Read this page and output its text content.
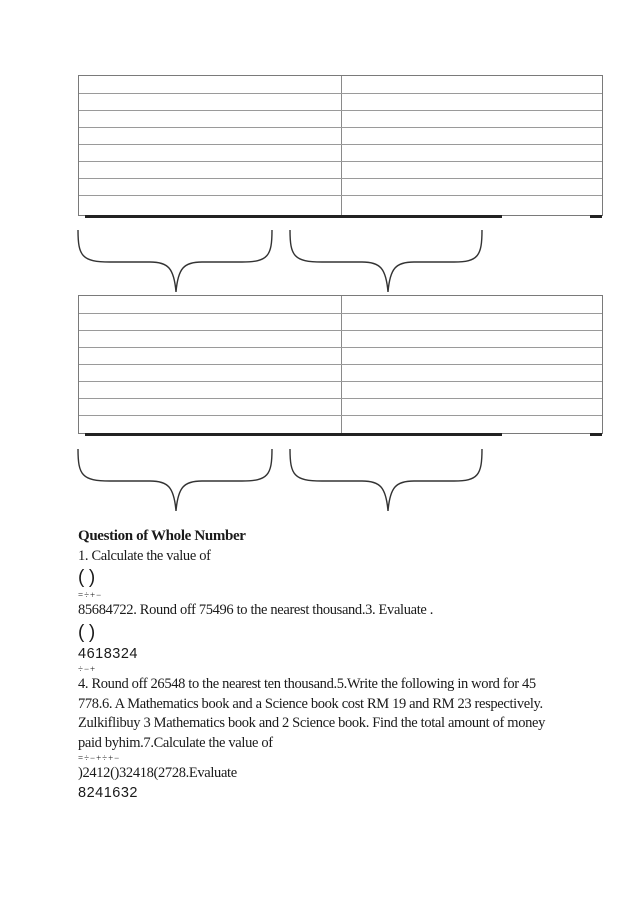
Question of Whole Number

1. Calculate the value of

( )

=÷+−

85684722. Round off 75496 to the nearest thousand.3. Evaluate .

( )

4618324

÷−+

4. Round off 26548 to the nearest ten thousand.5.Write the following in word for 45 778.6. A Mathematics book and a Science book cost RM 19 and RM 23 respectively. Zulkiflibuy 3 Mathematics book and 2 Science book. Find the total amount of money paid byhim.7.Calculate the value of

=÷−+÷+−

)2412()32418(2728.Evaluate

8241632
